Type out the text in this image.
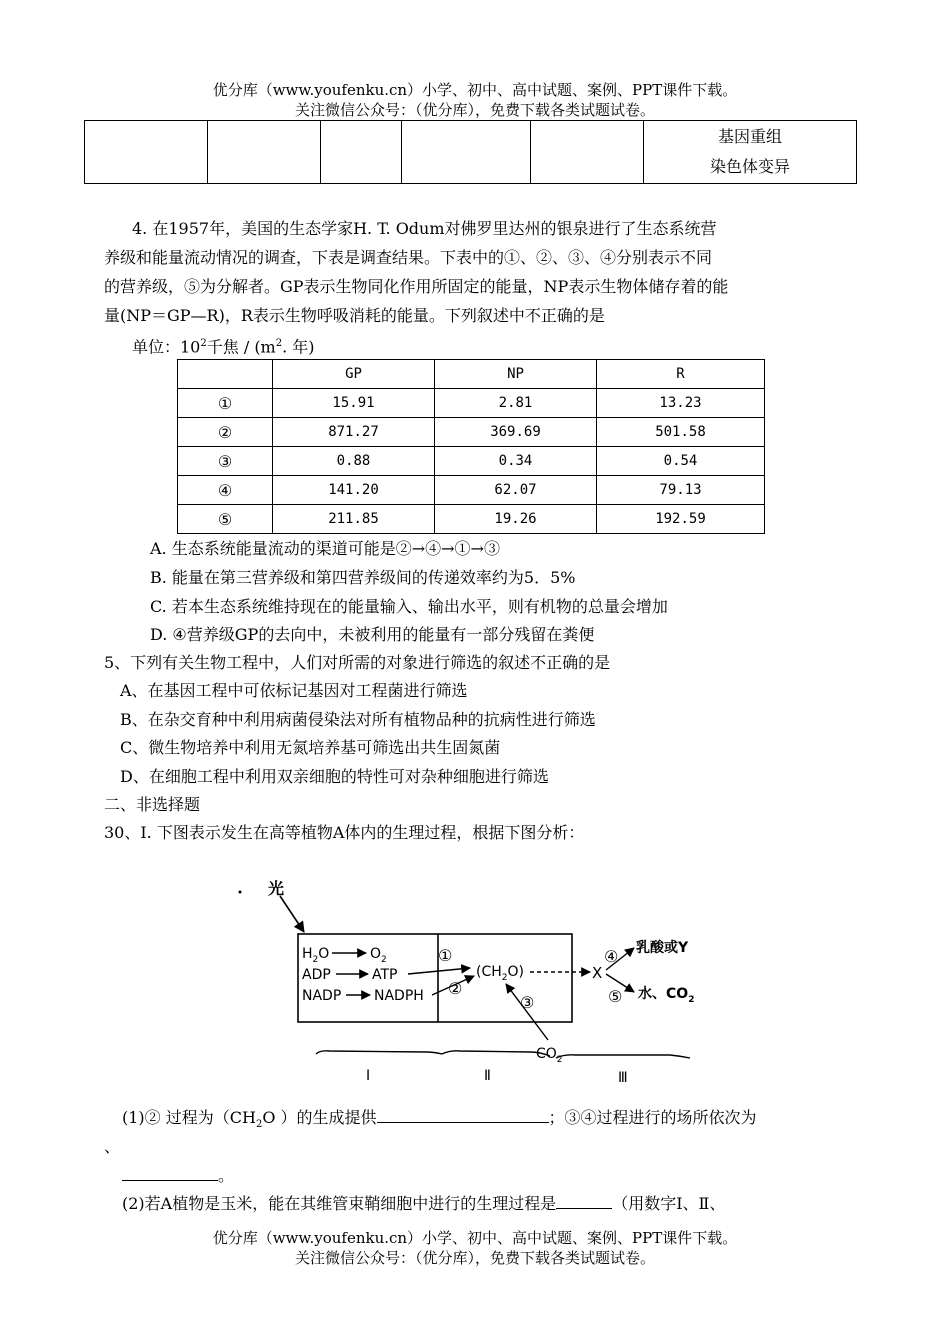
优分库（www.youfenku.cn）小学、初中、高中试题、案例、PPT课件下载。
关注微信公众号：（优分库），免费下载各类试题试卷。

基因重组
染色体变异
4. 在1957年，美国的生态学家H. T. Odum对佛罗里达州的银泉进行了生态系统营
养级和能量流动情况的调查，下表是调查结果。下表中的①、②、③、④分别表示不同
的营养级，⑤为分解者。GP表示生物同化作用所固定的能量，NP表示生物体储存着的能
量(NP＝GP—R)，R表示生物呼吸消耗的能量。下列叙述中不正确的是
单位：$10^2$千焦 / ($m^2$. 年)
	GP	NP	R
①	15.91	2.81	13.23
②	871.27	369.69	501.58
③	0.88	0.34	0.54
④	141.20	62.07	79.13
⑤	211.85	19.26	192.59
A. 生态系统能量流动的渠道可能是②→④→①→③
B. 能量在第三营养级和第四营养级间的传递效率约为5．5%
C. 若本生态系统维持现在的能量输入、输出水平，则有机物的总量会增加
D. ④营养级GP的去向中，未被利用的能量有一部分残留在粪便
5、下列有关生物工程中，人们对所需的对象进行筛选的叙述不正确的是
A、在基因工程中可依标记基因对工程菌进行筛选
B、在杂交育种中利用病菌侵染法对所有植物品种的抗病性进行筛选
C、微生物培养中利用无氮培养基可筛选出共生固氮菌
D、在细胞工程中利用双亲细胞的特性可对杂种细胞进行筛选
二、非选择题
30、Ⅰ. 下图表示发生在高等植物A体内的生理过程，根据下图分析：
光
$H_2O$	$O_2$
ADP	ATP
NADP NADPH
①
②
$(CH_2O)$
③
$CO_2$
X
④
⑤
乳酸或Y
水、$CO_2$
Ⅰ	Ⅱ	Ⅲ
(1)② 过程为（$CH_2O$ ）的生成提供	；③④过程进行的场所依次为
、
。
(2)若A植物是玉米，能在其维管束鞘细胞中进行的生理过程是	（用数字Ⅰ、Ⅱ、
优分库（www.youfenku.cn）小学、初中、高中试题、案例、PPT课件下载。
关注微信公众号：（优分库），免费下载各类试题试卷。
